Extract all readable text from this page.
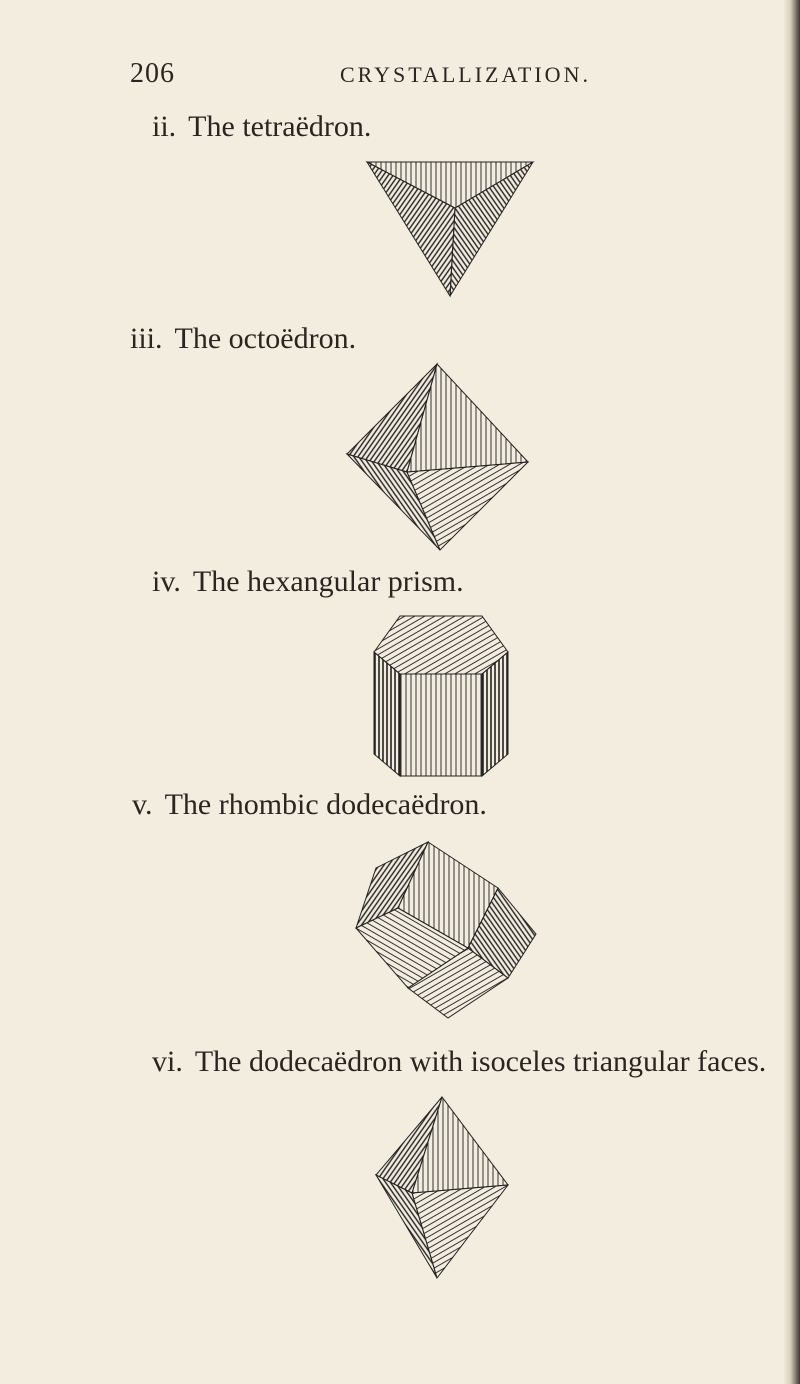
206	CRYSTALLIZATION.
ii. The tetraëdron.
iii. The octoëdron.
iv. The hexangular prism.
v. The rhombic dodecaëdron.
vi. The dodecaëdron with isoceles triangular faces.
